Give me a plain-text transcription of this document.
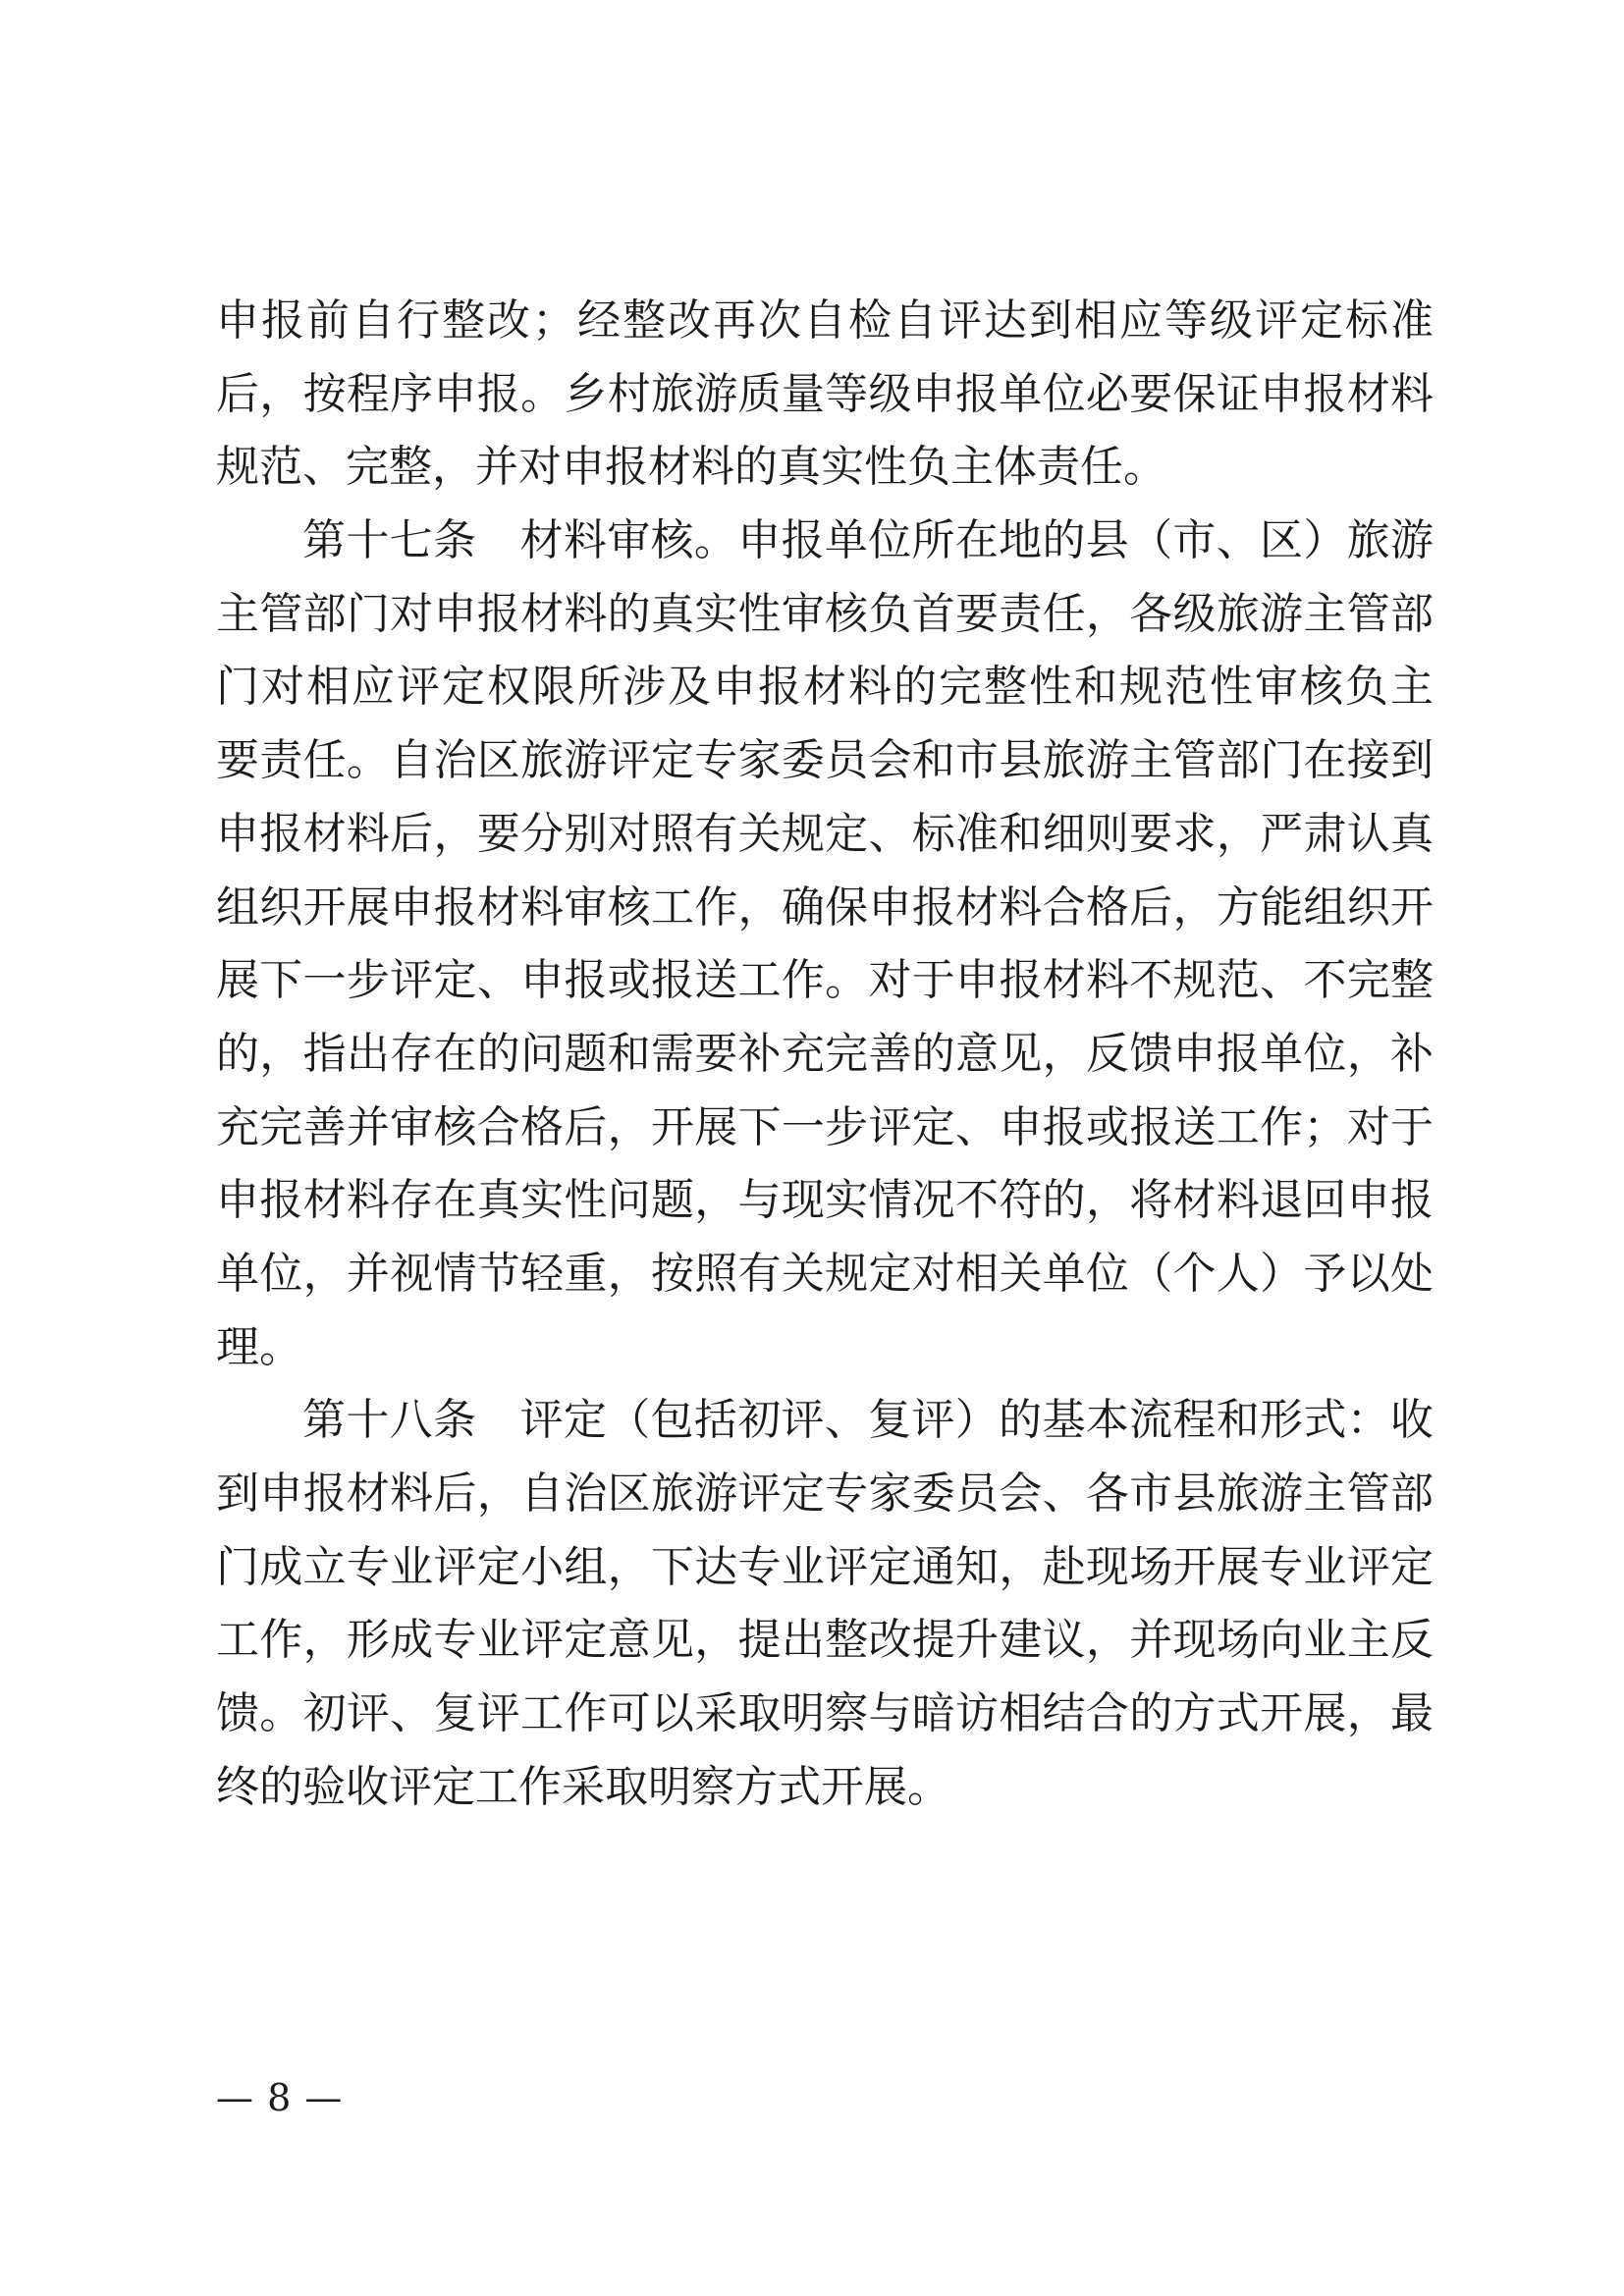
申报前自行整改；经整改再次自检自评达到相应等级评定标准
后，按程序申报。乡村旅游质量等级申报单位必要保证申报材料
规范、完整，并对申报材料的真实性负主体责任。
第十七条　材料审核。申报单位所在地的县（市、区）旅游
主管部门对申报材料的真实性审核负首要责任，各级旅游主管部
门对相应评定权限所涉及申报材料的完整性和规范性审核负主
要责任。自治区旅游评定专家委员会和市县旅游主管部门在接到
申报材料后，要分别对照有关规定、标准和细则要求，严肃认真
组织开展申报材料审核工作，确保申报材料合格后，方能组织开
展下一步评定、申报或报送工作。对于申报材料不规范、不完整
的，指出存在的问题和需要补充完善的意见，反馈申报单位，补
充完善并审核合格后，开展下一步评定、申报或报送工作；对于
申报材料存在真实性问题，与现实情况不符的，将材料退回申报
单位，并视情节轻重，按照有关规定对相关单位（个人）予以处
理。
第十八条　评定（包括初评、复评）的基本流程和形式：收
到申报材料后，自治区旅游评定专家委员会、各市县旅游主管部
门成立专业评定小组，下达专业评定通知，赴现场开展专业评定
工作，形成专业评定意见，提出整改提升建议，并现场向业主反
馈。初评、复评工作可以采取明察与暗访相结合的方式开展，最
终的验收评定工作采取明察方式开展。
— 8 —
